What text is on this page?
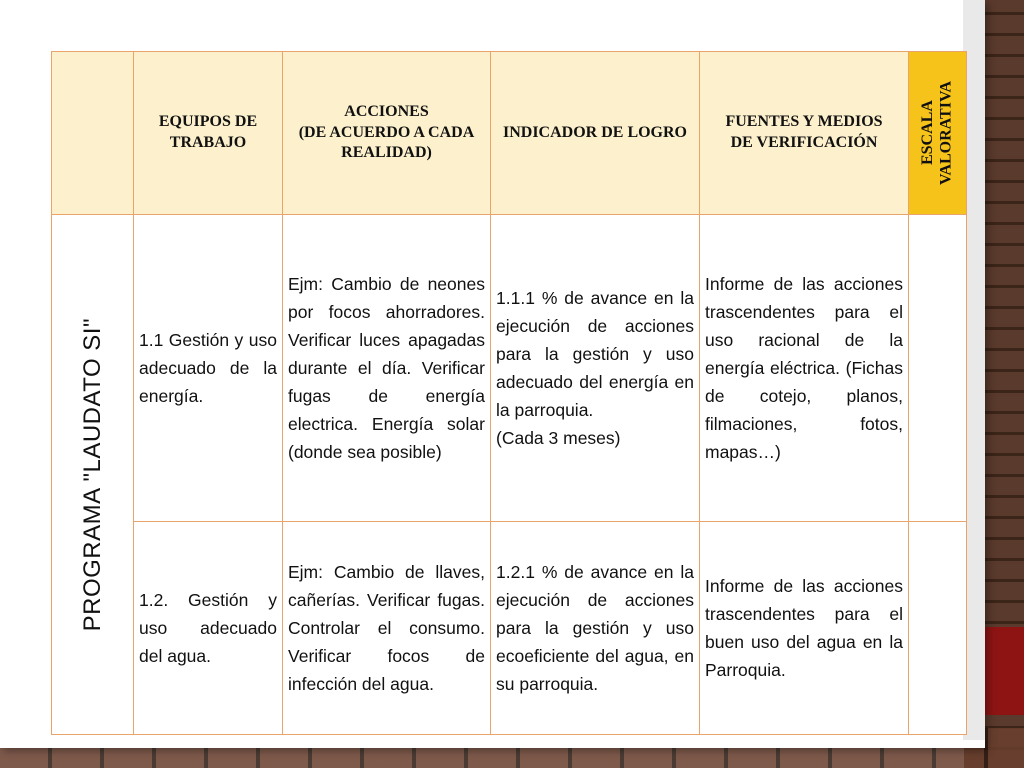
	EQUIPOS DE
TRABAJO	ACCIONES
(DE ACUERDO A CADA
REALIDAD)	INDICADOR DE LOGRO	FUENTES Y MEDIOS
DE VERIFICACIÓN	ESCALA
VALORATIVA

PROGRAMA "LAUDATO SI"	1.1 Gestión y uso adecuado de la energía.	Ejm: Cambio de neones por focos ahorradores. Verificar luces apagadas durante el día. Verificar fugas de energía electrica. Energía solar (donde sea posible)	1.1.1 % de avance en la ejecución de acciones para la gestión y uso adecuado del energía en la parroquia.
(Cada 3 meses)	Informe de las acciones trascendentes para el uso racional de la energía eléctrica. (Fichas de cotejo, planos, filmaciones, fotos, mapas…)	
	1.2. Gestión y uso adecuado del agua.	Ejm: Cambio de llaves, cañerías. Verificar fugas. Controlar el consumo. Verificar focos de infección del agua.	1.2.1 % de avance en la ejecución de acciones para la gestión y uso ecoeficiente del agua, en su parroquia.	Informe de las acciones trascendentes para el buen uso del agua en la Parroquia.	
